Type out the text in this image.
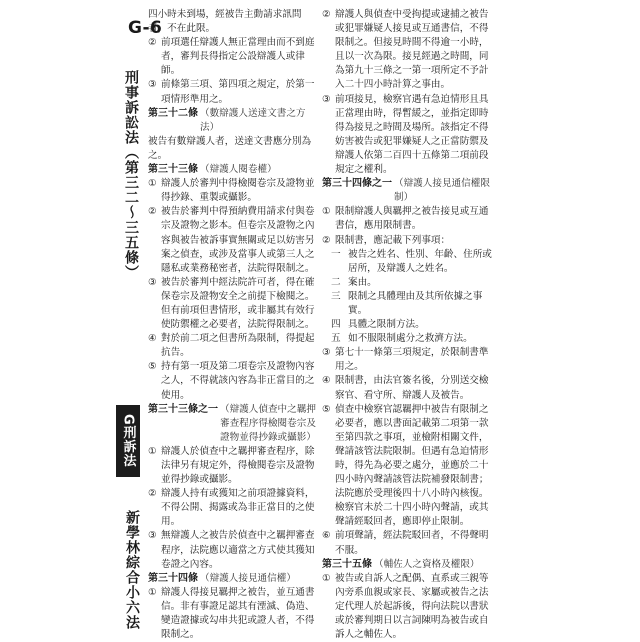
G-6
刑事訴訟法（第三二～三五條）
G刑訴法
新學林綜合小六法

四小時未到場，經被告主動請求訊問者，不在此限。

② 前項選任辯護人無正當理由而不到庭者，審判長得指定公設辯護人或律師。

③ 前條第三項、第四項之規定，於第一項情形準用之。

第三十二條 （數辯護人送達文書之方法）

被告有數辯護人者，送達文書應分別為之。

第三十三條 （辯護人閱卷權）

① 辯護人於審判中得檢閱卷宗及證物並得抄錄、重製或攝影。

② 被告於審判中得預納費用請求付與卷宗及證物之影本。但卷宗及證物之內容與被告被訴事實無關或足以妨害另案之偵查，或涉及當事人或第三人之隱私或業務秘密者，法院得限制之。

③ 被告於審判中經法院許可者，得在確保卷宗及證物安全之前提下檢閱之。但有前項但書情形，或非屬其有效行使防禦權之必要者，法院得限制之。

④ 對於前二項之但書所為限制，得提起抗告。

⑤ 持有第一項及第二項卷宗及證物內容之人，不得就該內容為非正當目的之使用。

第三十三條之一 （辯護人偵查中之羈押審查程序得檢閱卷宗及證物並得抄錄或攝影）

① 辯護人於偵查中之羈押審查程序，除法律另有規定外，得檢閱卷宗及證物並得抄錄或攝影。

② 辯護人持有或獲知之前項證據資料，不得公開、揭露或為非正當目的之使用。

③ 無辯護人之被告於偵查中之羈押審查程序，法院應以適當之方式使其獲知卷證之內容。

第三十四條 （辯護人接見通信權）

① 辯護人得接見羈押之被告，並互通書信。非有事證足認其有湮滅、偽造、變造證據或勾串共犯或證人者，不得限制之。

② 辯護人與偵查中受拘提或逮捕之被告或犯罪嫌疑人接見或互通書信，不得限制之。但接見時間不得逾一小時，且以一次為限。接見經過之時間，同為第九十三條之一第一項所定不予計入二十四小時計算之事由。

③ 前項接見，檢察官遇有急迫情形且具正當理由時，得暫緩之，並指定即時得為接見之時間及場所。該指定不得妨害被告或犯罪嫌疑人之正當防禦及辯護人依第二百四十五條第二項前段規定之權利。

第三十四條之一 （辯護人接見通信權限制）

① 限制辯護人與羈押之被告接見或互通書信，應用限制書。

② 限制書，應記載下列事項：

一 被告之姓名、性別、年齡、住所或居所，及辯護人之姓名。

二 案由。

三 限制之具體理由及其所依據之事實。

四 具體之限制方法。

五 如不服限制處分之救濟方法。

③ 第七十一條第三項規定，於限制書準用之。

④ 限制書，由法官簽名後，分別送交檢察官、看守所、辯護人及被告。

⑤ 偵查中檢察官認羈押中被告有限制之必要者，應以書面記載第二項第一款至第四款之事項，並檢附相關文件，聲請該管法院限制。但遇有急迫情形時，得先為必要之處分，並應於二十四小時內聲請該管法院補發限制書；法院應於受理後四十八小時內核復。檢察官未於二十四小時內聲請，或其聲請經駁回者，應即停止限制。

⑥ 前項聲請，經法院駁回者，不得聲明不服。

第三十五條 （輔佐人之資格及權限）

① 被告或自訴人之配偶、直系或三親等內旁系血親或家長、家屬或被告之法定代理人於起訴後，得向法院以書狀或於審判期日以言詞陳明為被告或自訴人之輔佐人。
